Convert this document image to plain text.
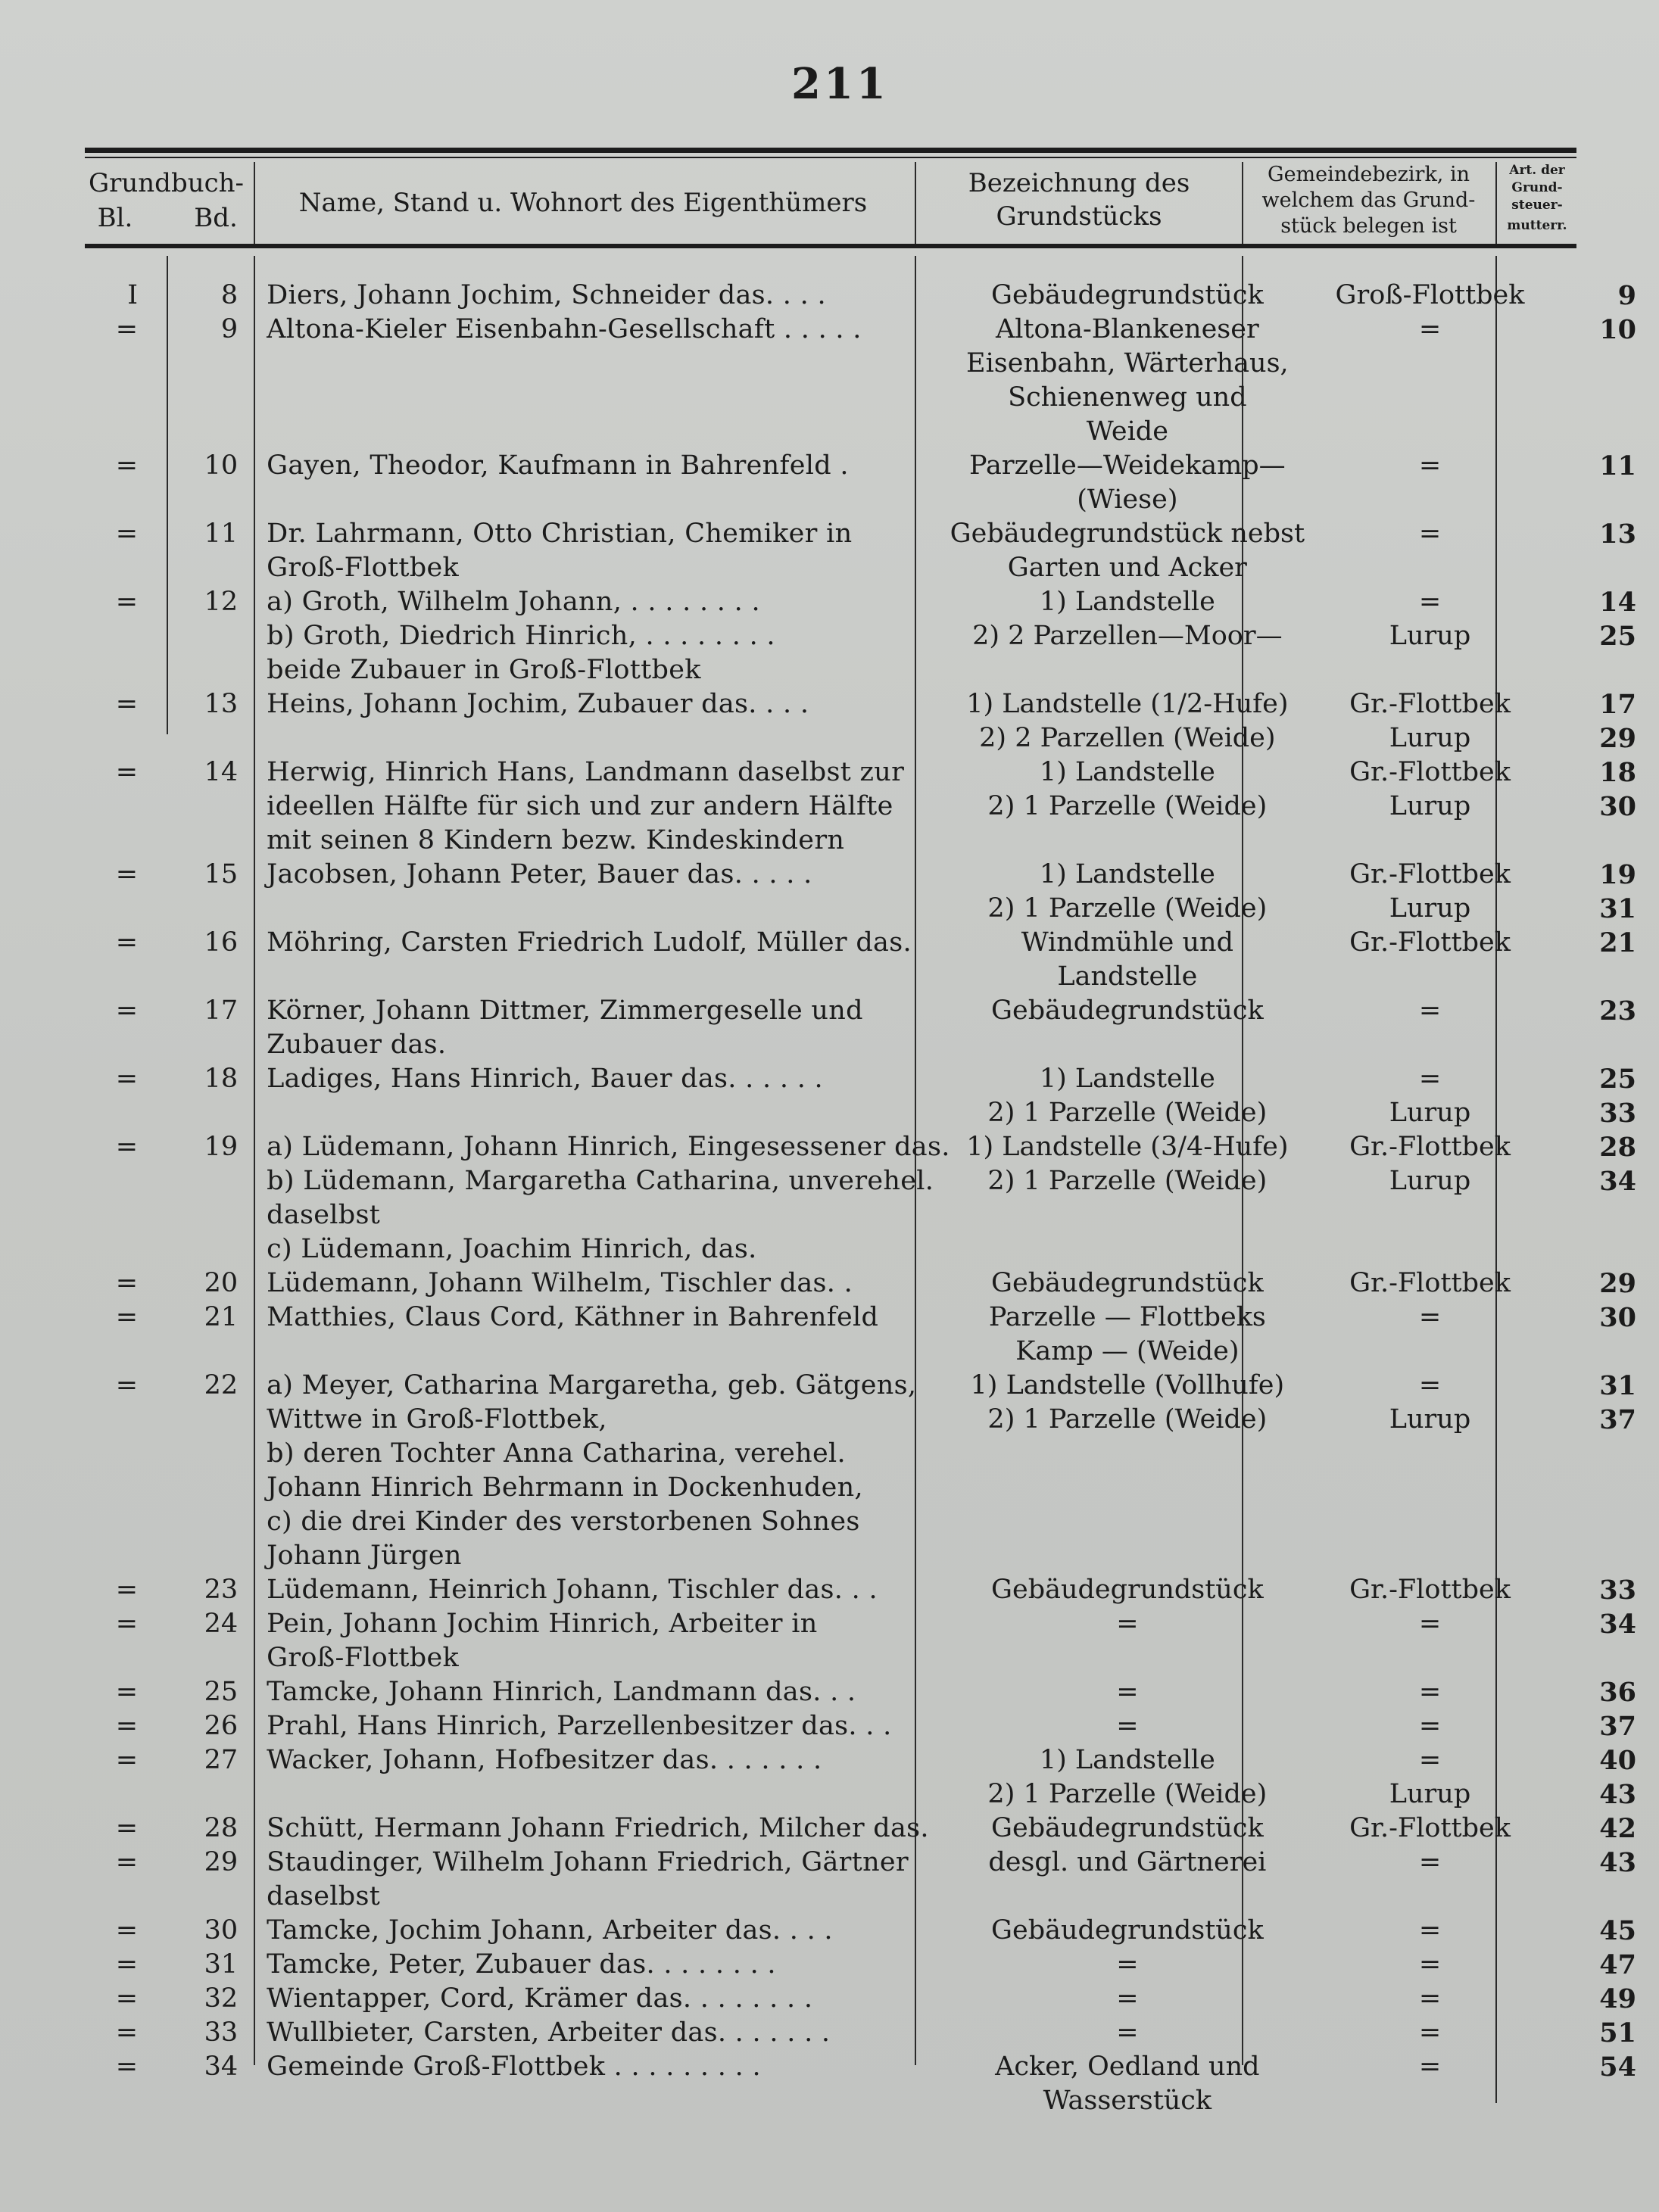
211
Grundbuch-
Bl.	Bd.	Name, Stand u. Wohnort des Eigenthümers
Bezeichnung des
Grundstücks
Gemeindebezirk, in
welchem das Grund-
stück belegen ist
Art. der
Grund-
steuer-
mutterr.
I	8	Diers, Johann Jochim, Schneider das. . . .	Gebäudegrundstück	Groß-Flottbek	9
=	9	Altona-Kieler Eisenbahn-Gesellschaft . . . . .	Altona-Blankeneser	=	10
			Eisenbahn, Wärterhaus,		
			Schienenweg und		
			Weide		
=	10	Gayen, Theodor, Kaufmann in Bahrenfeld .	Parzelle—Weidekamp—	=	11
			(Wiese)		
=	11	Dr. Lahrmann, Otto Christian, Chemiker in	Gebäudegrundstück nebst	=	13
		Groß-Flottbek	Garten und Acker		
=	12	a) Groth, Wilhelm Johann, . . . . . . . .	1) Landstelle	=	14
		b) Groth, Diedrich Hinrich, . . . . . . . .	2) 2 Parzellen—Moor—	Lurup	25
		beide Zubauer in Groß-Flottbek			
=	13	Heins, Johann Jochim, Zubauer das. . . .	1) Landstelle (1/2-Hufe)	Gr.-Flottbek	17
			2) 2 Parzellen (Weide)	Lurup	29
=	14	Herwig, Hinrich Hans, Landmann daselbst zur	1) Landstelle	Gr.-Flottbek	18
		ideellen Hälfte für sich und zur andern Hälfte	2) 1 Parzelle (Weide)	Lurup	30
		mit seinen 8 Kindern bezw. Kindeskindern			
=	15	Jacobsen, Johann Peter, Bauer das. . . . .	1) Landstelle	Gr.-Flottbek	19
			2) 1 Parzelle (Weide)	Lurup	31
=	16	Möhring, Carsten Friedrich Ludolf, Müller das.	Windmühle und	Gr.-Flottbek	21
			Landstelle		
=	17	Körner, Johann Dittmer, Zimmergeselle und	Gebäudegrundstück	=	23
		Zubauer das.			
=	18	Ladiges, Hans Hinrich, Bauer das. . . . . .	1) Landstelle	=	25
			2) 1 Parzelle (Weide)	Lurup	33
=	19	a) Lüdemann, Johann Hinrich, Eingesessener das.	1) Landstelle (3/4-Hufe)	Gr.-Flottbek	28
		b) Lüdemann, Margaretha Catharina, unverehel.	2) 1 Parzelle (Weide)	Lurup	34
		daselbst			
		c) Lüdemann, Joachim Hinrich, das.			
=	20	Lüdemann, Johann Wilhelm, Tischler das. .	Gebäudegrundstück	Gr.-Flottbek	29
=	21	Matthies, Claus Cord, Käthner in Bahrenfeld	Parzelle — Flottbeks	=	30
			Kamp — (Weide)		
=	22	a) Meyer, Catharina Margaretha, geb. Gätgens,	1) Landstelle (Vollhufe)	=	31
		Wittwe in Groß-Flottbek,	2) 1 Parzelle (Weide)	Lurup	37
		b) deren Tochter Anna Catharina, verehel.			
		Johann Hinrich Behrmann in Dockenhuden,			
		c) die drei Kinder des verstorbenen Sohnes			
		Johann Jürgen			
=	23	Lüdemann, Heinrich Johann, Tischler das. . .	Gebäudegrundstück	Gr.-Flottbek	33
=	24	Pein, Johann Jochim Hinrich, Arbeiter in	=	=	34
		Groß-Flottbek			
=	25	Tamcke, Johann Hinrich, Landmann das. . .	=	=	36
=	26	Prahl, Hans Hinrich, Parzellenbesitzer das. . .	=	=	37
=	27	Wacker, Johann, Hofbesitzer das. . . . . . .	1) Landstelle	=	40
			2) 1 Parzelle (Weide)	Lurup	43
=	28	Schütt, Hermann Johann Friedrich, Milcher das.	Gebäudegrundstück	Gr.-Flottbek	42
=	29	Staudinger, Wilhelm Johann Friedrich, Gärtner	desgl. und Gärtnerei	=	43
		daselbst			
=	30	Tamcke, Jochim Johann, Arbeiter das. . . .	Gebäudegrundstück	=	45
=	31	Tamcke, Peter, Zubauer das. . . . . . . .	=	=	47
=	32	Wientapper, Cord, Krämer das. . . . . . . .	=	=	49
=	33	Wullbieter, Carsten, Arbeiter das. . . . . . .	=	=	51
=	34	Gemeinde Groß-Flottbek . . . . . . . . .	Acker, Oedland und	=	54
			Wasserstück		
